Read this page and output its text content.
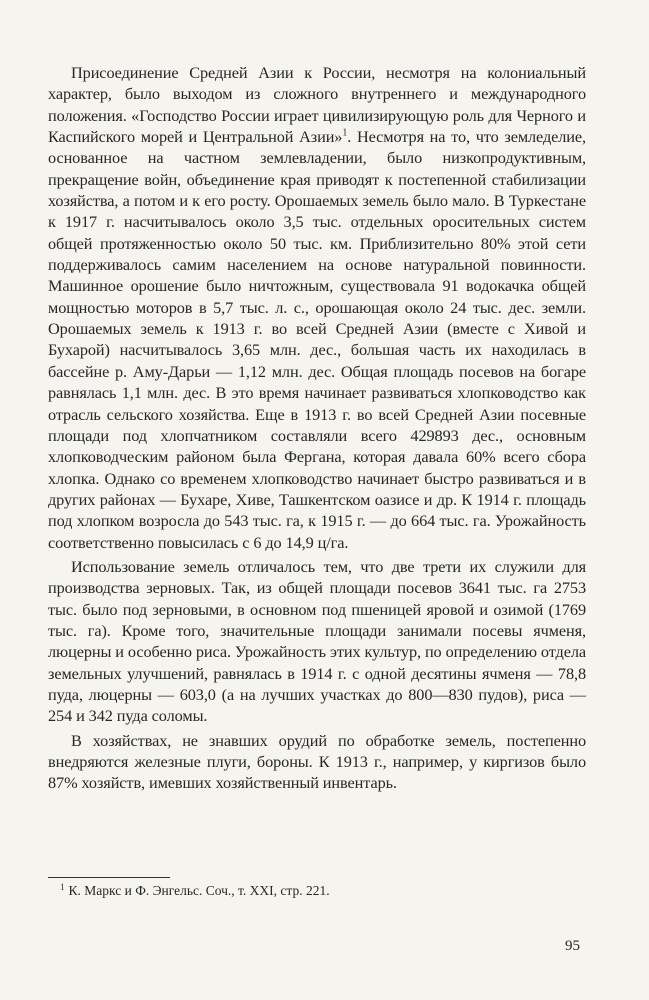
Присоединение Средней Азии к России, несмотря на колониальный характер, было выходом из сложного внутреннего и международного положения. «Господство России играет цивилизирующую роль для Черного и Каспийского морей и Центральной Азии»$^1$. Несмотря на то, что земледелие, основанное на частном землевладении, было низкопродуктивным, прекращение войн, объединение края приводят к постепенной стабилизации хозяйства, а потом и к его росту. Орошаемых земель было мало. В Туркестане к 1917 г. насчитывалось около 3,5 тыс. отдельных оросительных систем общей протяженностью около 50 тыс. км. Приблизительно 80% этой сети поддерживалось самим населением на основе натуральной повинности. Машинное орошение было ничтожным, существовала 91 водокачка общей мощностью моторов в 5,7 тыс. л. с., орошающая около 24 тыс. дес. земли. Орошаемых земель к 1913 г. во всей Средней Азии (вместе с Хивой и Бухарой) насчитывалось 3,65 млн. дес., большая часть их находилась в бассейне р. Аму-Дарьи — 1,12 млн. дес. Общая площадь посевов на богаре равнялась 1,1 млн. дес. В это время начинает развиваться хлопководство как отрасль сельского хозяйства. Еще в 1913 г. во всей Средней Азии посевные площади под хлопчатником составляли всего 429893 дес., основным хлопководческим районом была Фергана, которая давала 60% всего сбора хлопка. Однако со временем хлопководство начинает быстро развиваться и в других районах — Бухаре, Хиве, Ташкентском оазисе и др. К 1914 г. площадь под хлопком возросла до 543 тыс. га, к 1915 г. — до 664 тыс. га. Урожайность соответственно повысилась с 6 до 14,9 ц/га.

Использование земель отличалось тем, что две трети их служили для производства зерновых. Так, из общей площади посевов 3641 тыс. га 2753 тыс. было под зерновыми, в основном под пшеницей яровой и озимой (1769 тыс. га). Кроме того, значительные площади занимали посевы ячменя, люцерны и особенно риса. Урожайность этих культур, по определению отдела земельных улучшений, равнялась в 1914 г. с одной десятины ячменя — 78,8 пуда, люцерны — 603,0 (а на лучших участках до 800—830 пудов), риса — 254 и 342 пуда соломы.

В хозяйствах, не знавших орудий по обработке земель, постепенно внедряются железные плуги, бороны. К 1913 г., например, у киргизов было 87% хозяйств, имевших хозяйственный инвентарь.

$^1$ К. Маркс и Ф. Энгельс. Соч., т. XXI, стр. 221.
95
